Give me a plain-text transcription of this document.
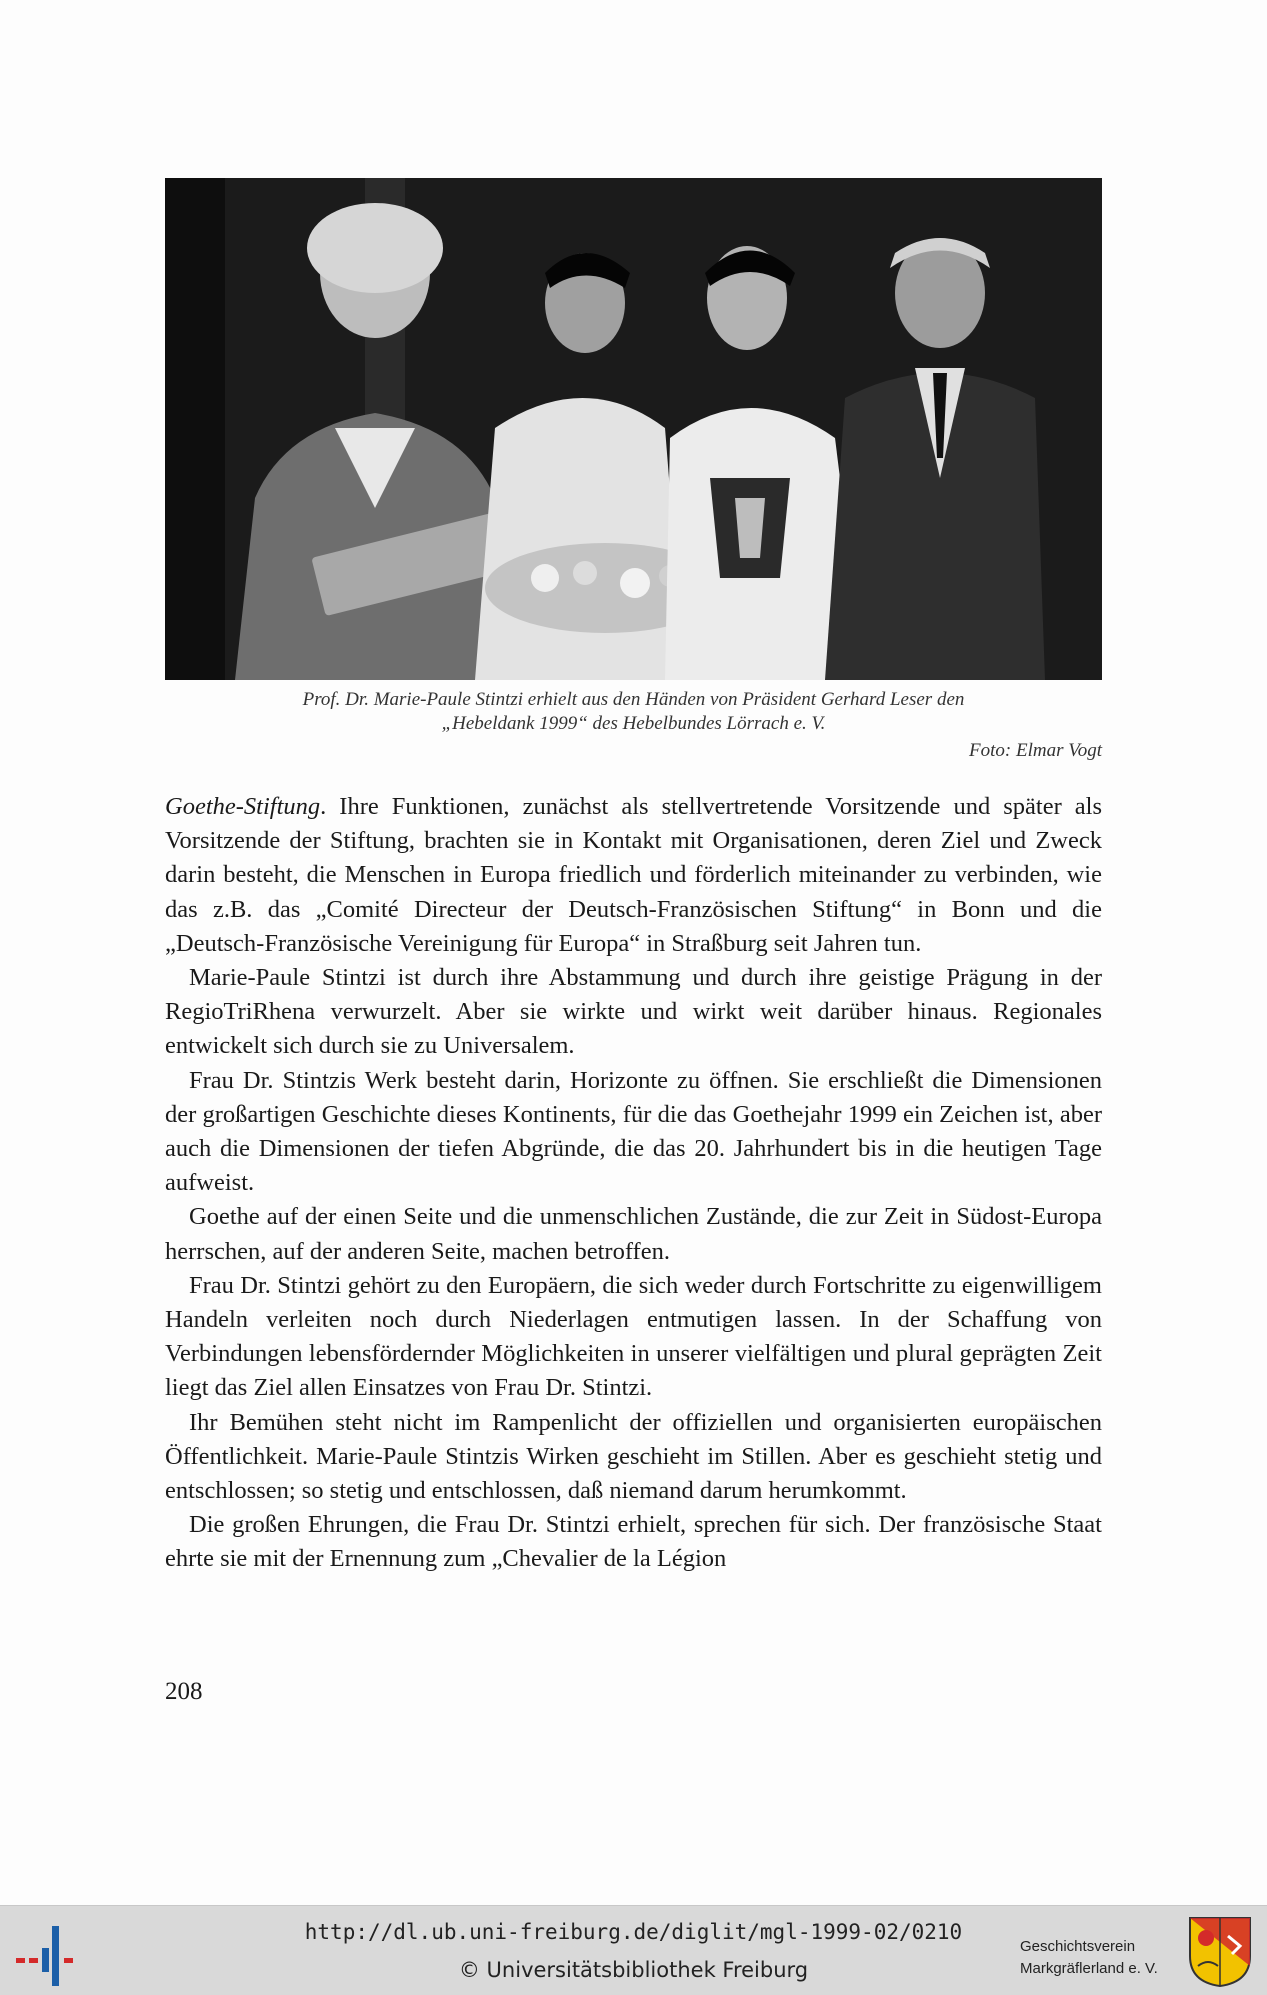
Prof. Dr. Marie-Paule Stintzi erhielt aus den Händen von Präsident Gerhard Leser den
„Hebeldank 1999“ des Hebelbundes Lörrach e. V.
Foto: Elmar Vogt

Goethe-Stiftung. Ihre Funktionen, zunächst als stellvertretende Vorsitzende und später als Vorsitzende der Stiftung, brachten sie in Kontakt mit Organisationen, deren Ziel und Zweck darin besteht, die Menschen in Europa friedlich und förderlich miteinander zu verbinden, wie das z.B. das „Comité Directeur der Deutsch-Französischen Stiftung“ in Bonn und die „Deutsch-Französische Vereinigung für Europa“ in Straßburg seit Jahren tun.

Marie-Paule Stintzi ist durch ihre Abstammung und durch ihre geistige Prägung in der RegioTriRhena verwurzelt. Aber sie wirkte und wirkt weit darüber hinaus. Regionales entwickelt sich durch sie zu Universalem.

Frau Dr. Stintzis Werk besteht darin, Horizonte zu öffnen. Sie erschließt die Dimensionen der großartigen Geschichte dieses Kontinents, für die das Goethejahr 1999 ein Zeichen ist, aber auch die Dimensionen der tiefen Abgründe, die das 20. Jahrhundert bis in die heutigen Tage aufweist.

Goethe auf der einen Seite und die unmenschlichen Zustände, die zur Zeit in Südost-Europa herrschen, auf der anderen Seite, machen betroffen.

Frau Dr. Stintzi gehört zu den Europäern, die sich weder durch Fortschritte zu eigenwilligem Handeln verleiten noch durch Niederlagen entmutigen lassen. In der Schaffung von Verbindungen lebensfördernder Möglichkeiten in unserer vielfältigen und plural geprägten Zeit liegt das Ziel allen Einsatzes von Frau Dr. Stintzi.

Ihr Bemühen steht nicht im Rampenlicht der offiziellen und organisierten europäischen Öffentlichkeit. Marie-Paule Stintzis Wirken geschieht im Stillen. Aber es geschieht stetig und entschlossen; so stetig und entschlossen, daß niemand darum herumkommt.

Die großen Ehrungen, die Frau Dr. Stintzi erhielt, sprechen für sich. Der französische Staat ehrte sie mit der Ernennung zum „Chevalier de la Légion

208
http://dl.ub.uni-freiburg.de/diglit/mgl-1999-02/0210
© Universitätsbibliothek Freiburg
Geschichtsverein
Markgräflerland e. V.
